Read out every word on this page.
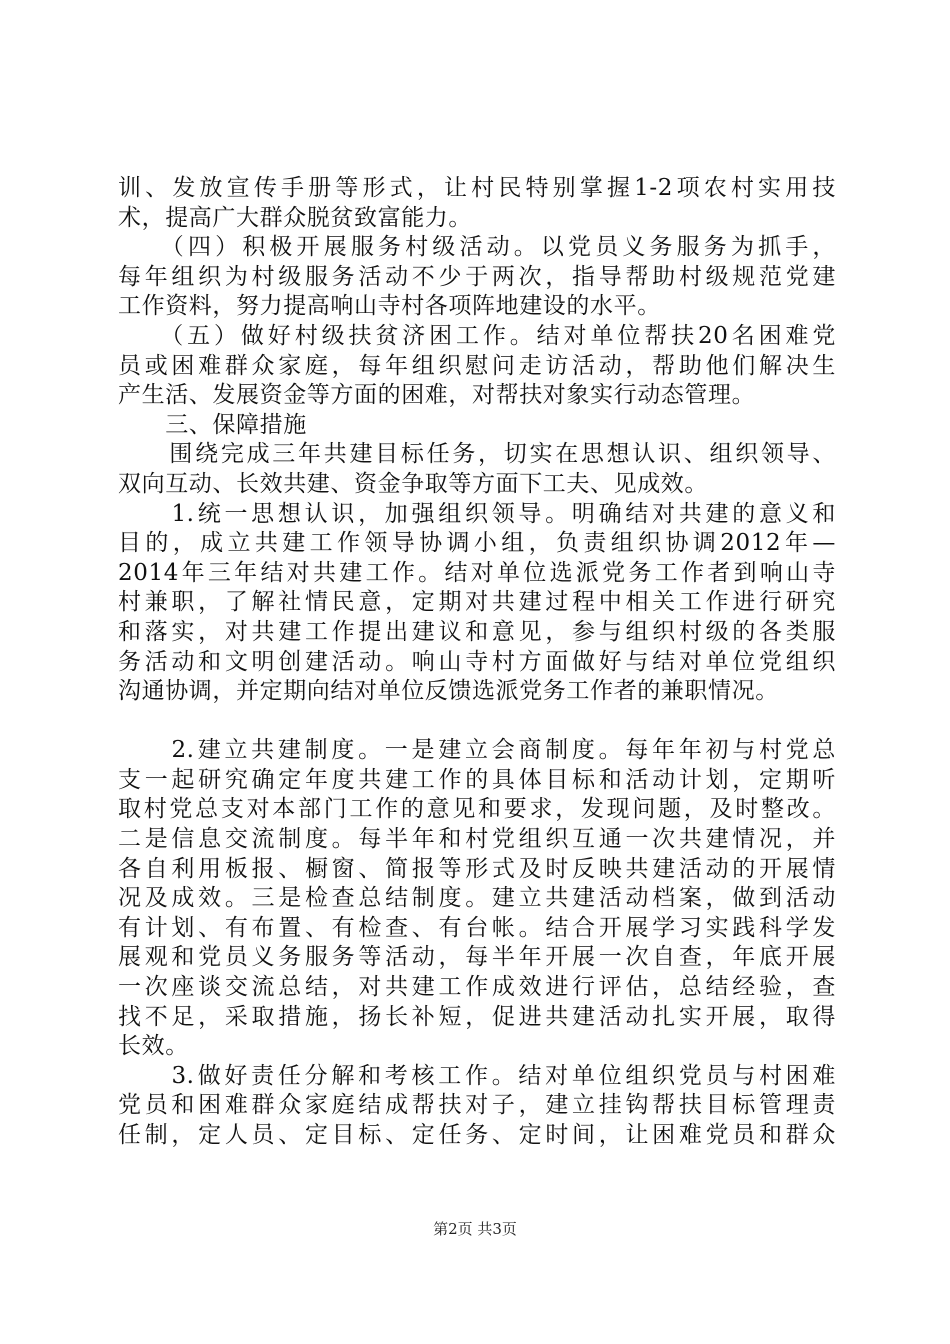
训、发放宣传手册等形式，让村民特别掌握1-2项农村实用技
术，提高广大群众脱贫致富能力。
　　（四）积极开展服务村级活动。以党员义务服务为抓手，
每年组织为村级服务活动不少于两次，指导帮助村级规范党建
工作资料，努力提高响山寺村各项阵地建设的水平。
　　（五）做好村级扶贫济困工作。结对单位帮扶20名困难党
员或困难群众家庭，每年组织慰问走访活动，帮助他们解决生
产生活、发展资金等方面的困难，对帮扶对象实行动态管理。
　　三、保障措施
　　围绕完成三年共建目标任务，切实在思想认识、组织领导、
双向互动、长效共建、资金争取等方面下工夫、见成效。
　　1.统一思想认识，加强组织领导。明确结对共建的意义和
目的，成立共建工作领导协调小组，负责组织协调2012年—
2014年三年结对共建工作。结对单位选派党务工作者到响山寺
村兼职，了解社情民意，定期对共建过程中相关工作进行研究
和落实，对共建工作提出建议和意见，参与组织村级的各类服
务活动和文明创建活动。响山寺村方面做好与结对单位党组织
沟通协调，并定期向结对单位反馈选派党务工作者的兼职情况。
　　2.建立共建制度。一是建立会商制度。每年年初与村党总
支一起研究确定年度共建工作的具体目标和活动计划，定期听
取村党总支对本部门工作的意见和要求，发现问题，及时整改。
二是信息交流制度。每半年和村党组织互通一次共建情况，并
各自利用板报、橱窗、简报等形式及时反映共建活动的开展情
况及成效。三是检查总结制度。建立共建活动档案，做到活动
有计划、有布置、有检查、有台帐。结合开展学习实践科学发
展观和党员义务服务等活动，每半年开展一次自查，年底开展
一次座谈交流总结，对共建工作成效进行评估，总结经验，查
找不足，采取措施，扬长补短，促进共建活动扎实开展，取得
长效。
　　3.做好责任分解和考核工作。结对单位组织党员与村困难
党员和困难群众家庭结成帮扶对子，建立挂钩帮扶目标管理责
任制，定人员、定目标、定任务、定时间，让困难党员和群众
第2页 共3页
